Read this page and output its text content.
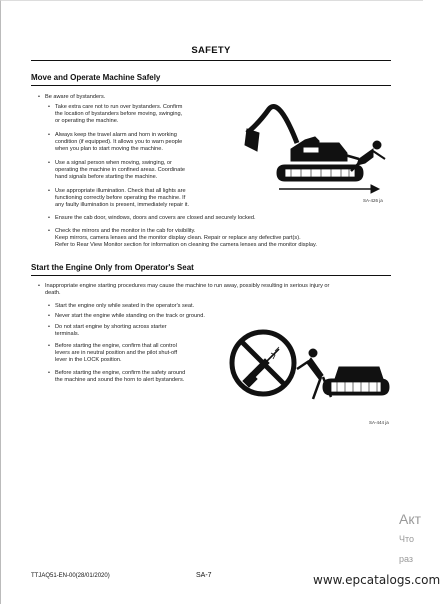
SAFETY
Move and Operate Machine Safely
• Be aware of bystanders.
• Take extra care not to run over bystanders. Confirm
the location of bystanders before moving, swinging,
or operating the machine.
• Always keep the travel alarm and horn in working
condition (if equipped). It allows you to warn people
when you plan to start moving the machine.
• Use a signal person when moving, swinging, or
operating the machine in confined areas. Coordinate
hand signals before starting the machine.
• Use appropriate illumination. Check that all lights are
functioning correctly before operating the machine. If
any faulty illumination is present, immediately repair it.
• Ensure the cab door, windows, doors and covers are closed and securely locked.
• Check the mirrors and the monitor in the cab for visibility.
Keep mirrors, camera lenses and the monitor display clean. Repair or replace any defective part(s).
Refer to Rear View Monitor section for information on cleaning the camera lenses and the monitor display.
SA-426 ja
Start the Engine Only from Operator's Seat
• Inappropriate engine starting procedures may cause the machine to run away, possibly resulting in serious injury or
death.
• Start the engine only while seated in the operator's seat.
• Never start the engine while standing on the track or ground.
• Do not start engine by shorting across starter
terminals.
• Before starting the engine, confirm that all control
levers are in neutral position and the pilot shut-off
lever in the LOCK position.
• Before starting the engine, confirm the safety around
the machine and sound the horn to alert bystanders.
SA-444 ja
Акт
Что
раз
TTJAQ51-EN-00(28/01/2020)	SA-7	www.epcatalogs.com
